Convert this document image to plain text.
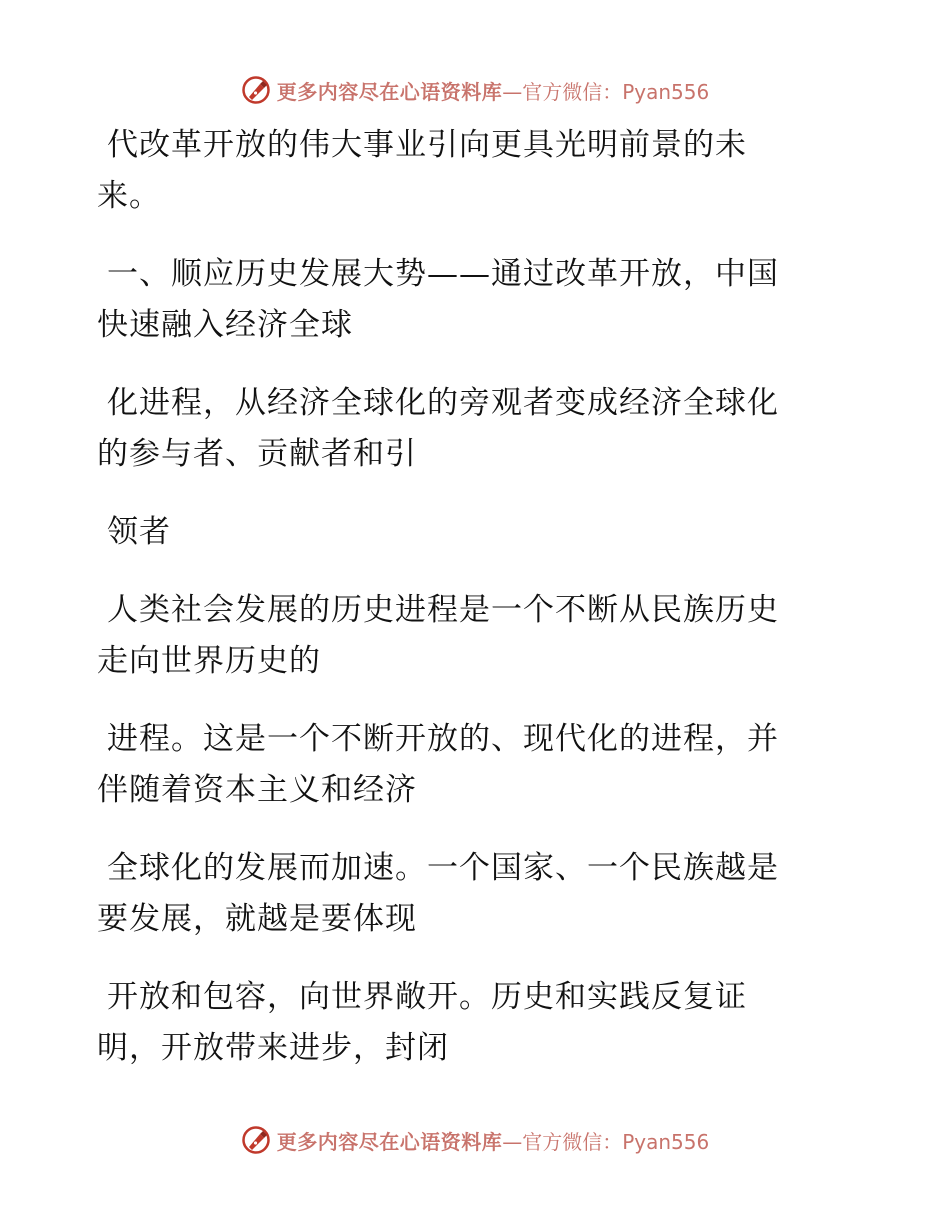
更多内容尽在心语资料库 —官方微信：Pyan556

代改革开放的伟大事业引向更具光明前景的未
来。

一、顺应历史发展大势——通过改革开放，中国
快速融入经济全球

化进程，从经济全球化的旁观者变成经济全球化
的参与者、贡献者和引

领者

人类社会发展的历史进程是一个不断从民族历史
走向世界历史的

进程。这是一个不断开放的、现代化的进程，并
伴随着资本主义和经济

全球化的发展而加速。一个国家、一个民族越是
要发展，就越是要体现

开放和包容，向世界敞开。历史和实践反复证
明，开放带来进步，封闭

更多内容尽在心语资料库 —官方微信：Pyan556
